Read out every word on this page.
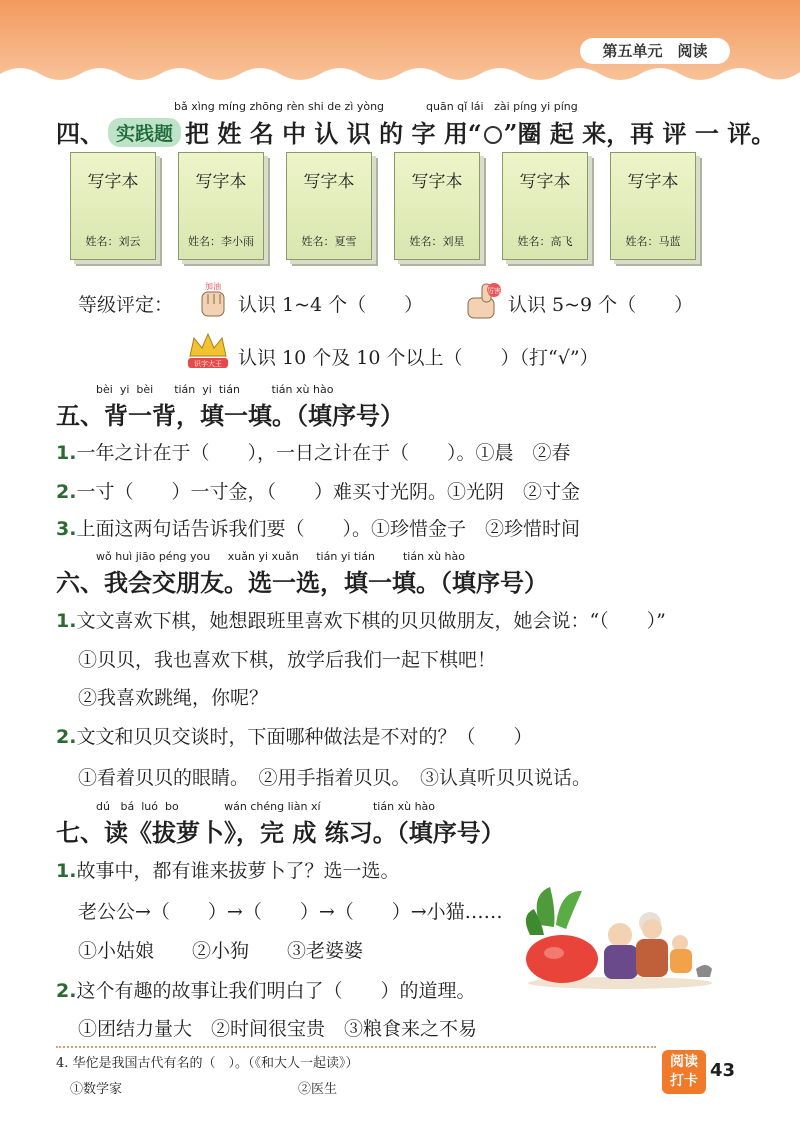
第五单元　阅读
bǎ xìng míng zhōng rèn shi de zì yòng	quān qǐ lái zài píng yi píng
四、 实践题 把 姓 名 中 认 识 的 字 用“ ”圈 起 来，再 评 一 评。
写字本
姓名：刘云
写字本
姓名：李小雨
写字本
姓名：夏雪
写字本
姓名：刘星
写字本
姓名：高飞
写字本
姓名：马蓝
等级评定：
加油
认识 1~4 个（　　）
厉害
认识 5~9 个（　　）
识字大王 认识 10 个及 10 个以上（　　）（打“√”）
bèi yi bèi tián yi tián	tián xù hào
五、背一背，填一填。（填序号）
1.一年之计在于（　　），一日之计在于（　　）。①晨　②春
2.一寸（　　）一寸金，（　　）难买寸光阴。①光阴　②寸金
3.上面这两句话告诉我们要（　　）。①珍惜金子　②珍惜时间
wǒ huì jiāo péng you xuǎn yi xuǎn tián yi tián	tián xù hào
六、我会交朋友。选一选，填一填。（填序号）
1.文文喜欢下棋，她想跟班里喜欢下棋的贝贝做朋友，她会说：“（　　）”
①贝贝，我也喜欢下棋，放学后我们一起下棋吧！
②我喜欢跳绳，你呢？
2.文文和贝贝交谈时，下面哪种做法是不对的？（　　）
①看着贝贝的眼睛。　②用手指着贝贝。　③认真听贝贝说话。
dú bá luó bo	wán chéng liàn xí	tián xù hào
七、读《拔萝卜》，完 成 练习。（填序号）
1.故事中，都有谁来拔萝卜了？选一选。
老公公→（　　）→（　　）→（　　）→小猫……
①小姑娘　　②小狗　　③老婆婆
2.这个有趣的故事让我们明白了（　　）的道理。
①团结力量大　②时间很宝贵　③粮食来之不易
4. 华佗是我国古代有名的（　）。（《和大人一起读》）
①数学家	②医生
阅读
打卡 43
